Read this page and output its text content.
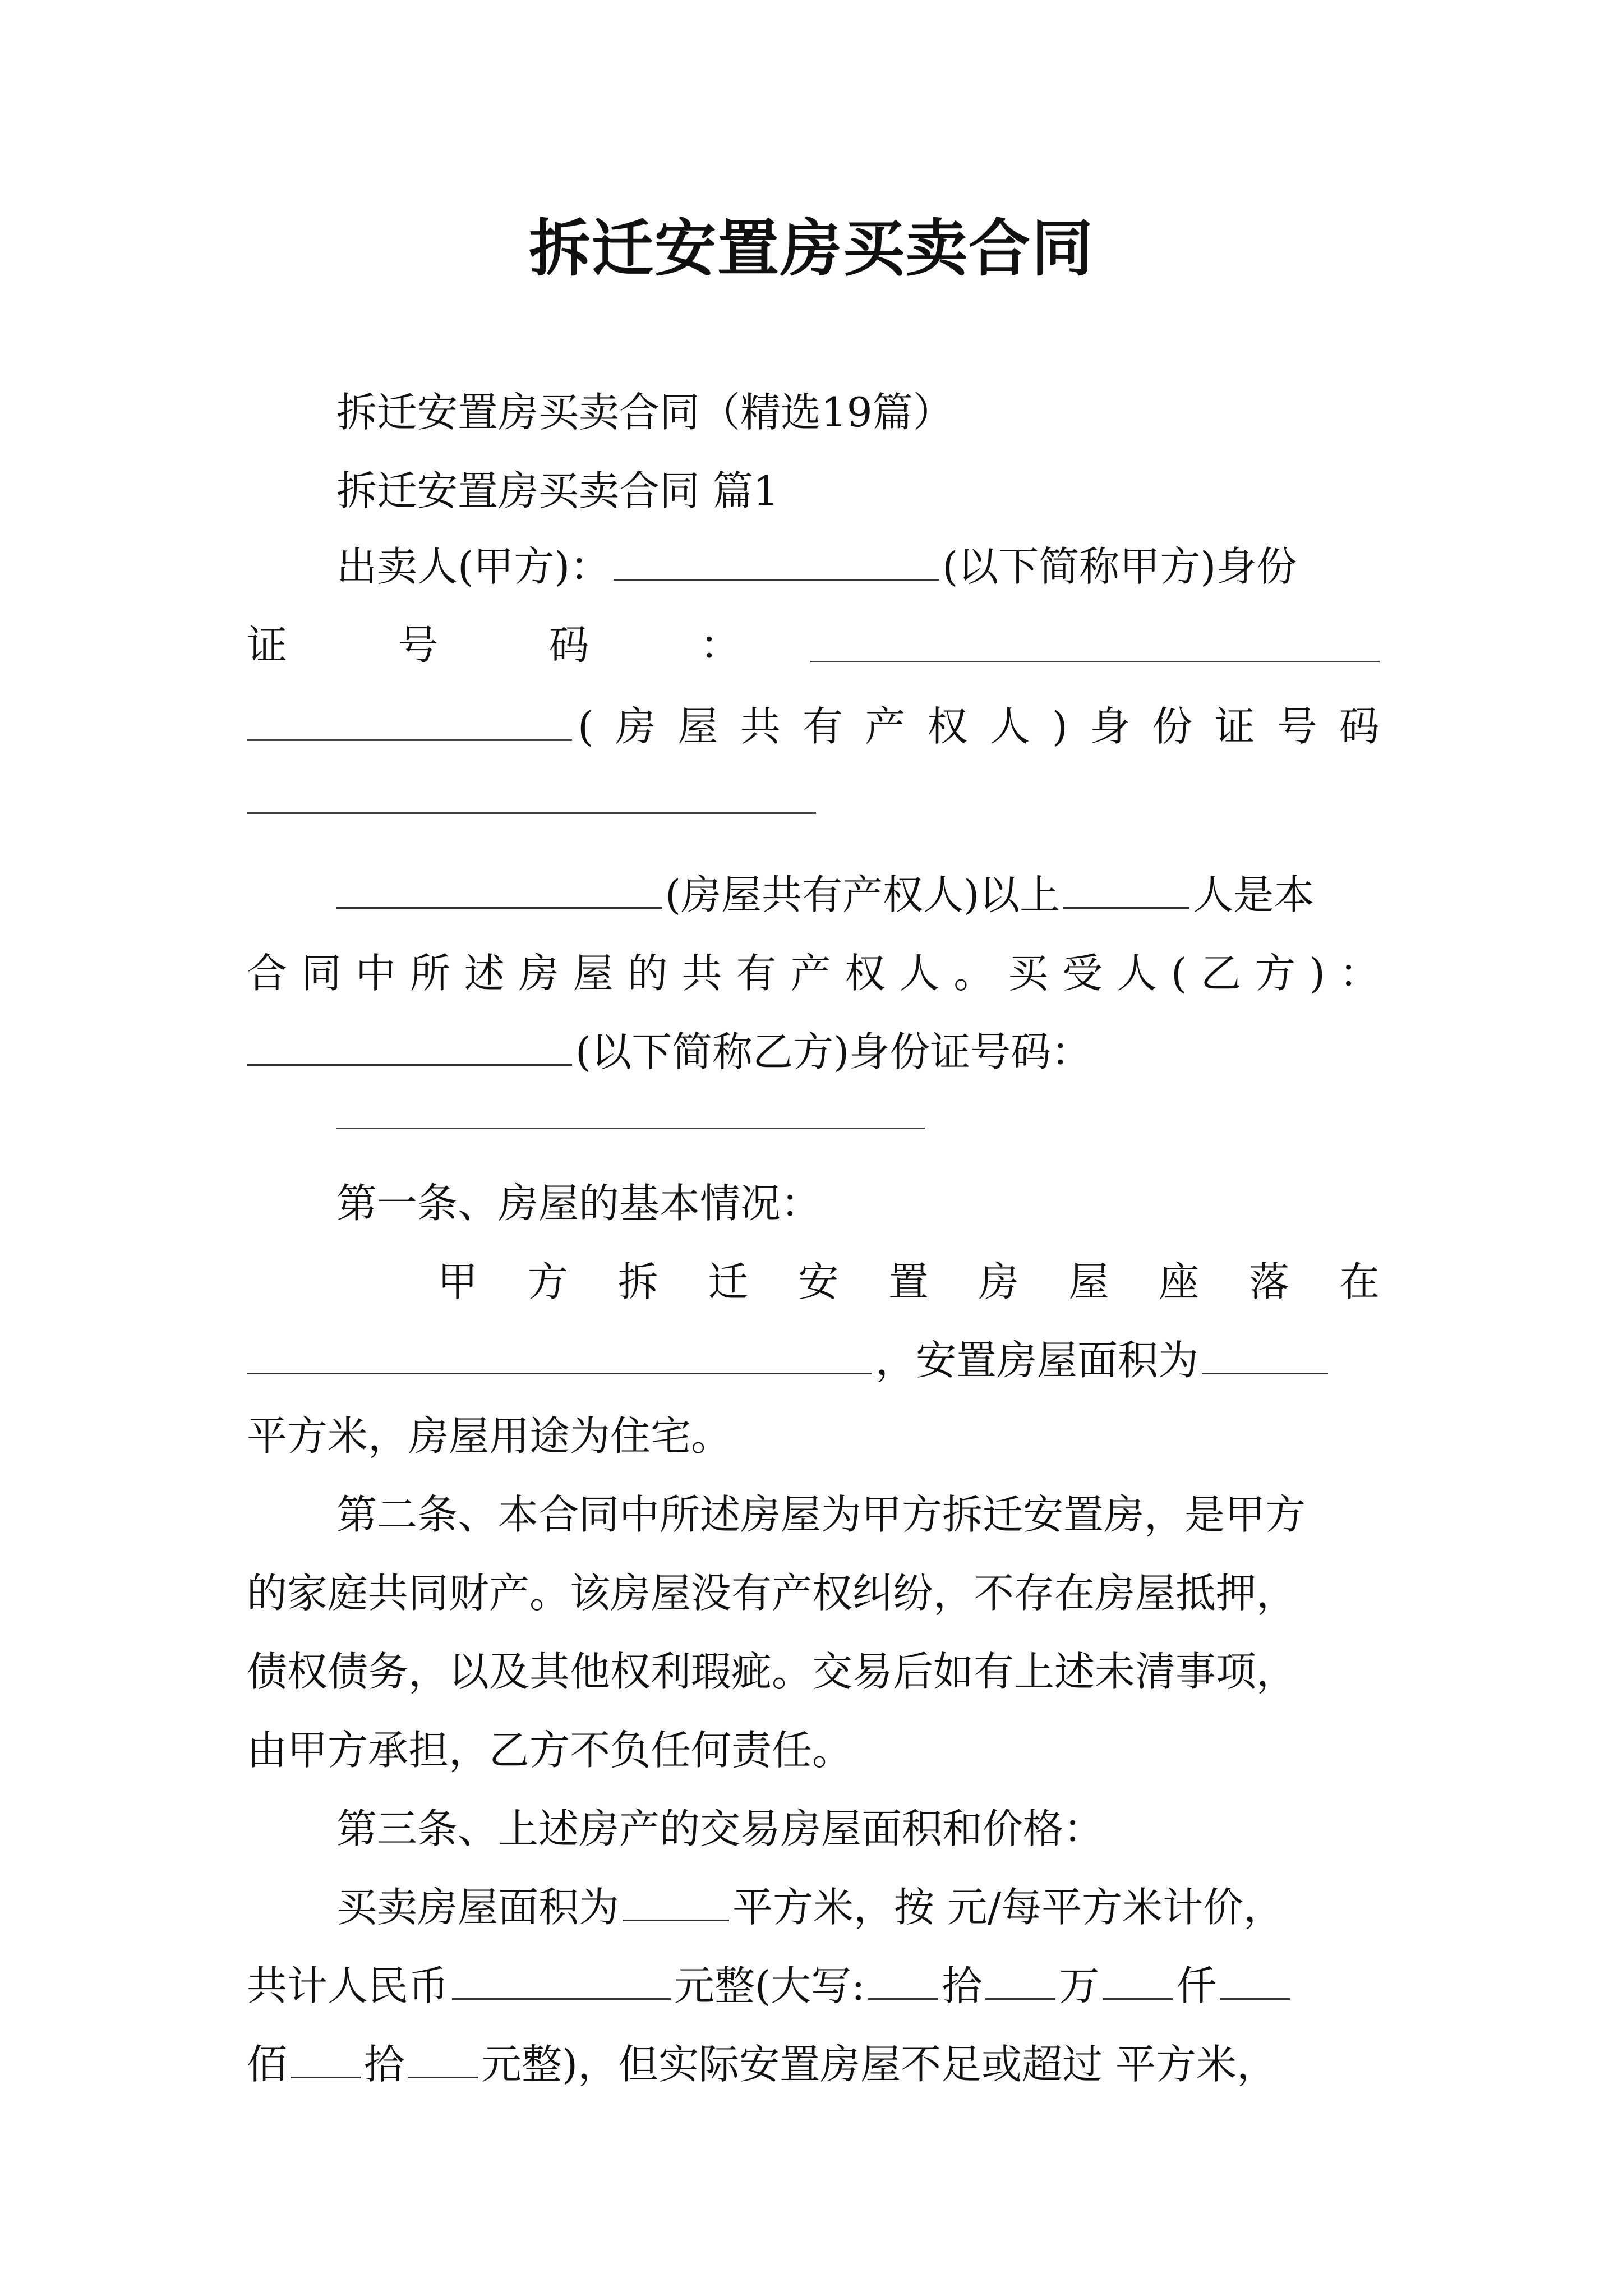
拆迁安置房买卖合同
拆迁安置房买卖合同（精选19篇）
拆迁安置房买卖合同 篇1
出卖人(甲方)：	(以下简称甲方)身份
证	号	码	：
( 房 屋 共 有 产 权 人 ) 身 份 证 号 码
(房屋共有产权人)以上	人是本
合 同 中 所 述 房 屋 的 共 有 产 权 人 。 买 受 人 ( 乙 方 ) ：
(以下简称乙方)身份证号码：
第一条、房屋的基本情况：
甲 方 拆 迁 安 置 房 屋 座 落 在
，安置房屋面积为
平方米，房屋用途为住宅。
第二条、本合同中所述房屋为甲方拆迁安置房，是甲方
的家庭共同财产。该房屋没有产权纠纷，不存在房屋抵押，
债权债务，以及其他权利瑕疵。交易后如有上述未清事项，
由甲方承担，乙方不负任何责任。
第三条、上述房产的交易房屋面积和价格：
买卖房屋面积为	平方米，按 元/每平方米计价，
共计人民币	元整(大写: 拾 万 仟
佰 拾 元整)，但实际安置房屋不足或超过 平方米，
